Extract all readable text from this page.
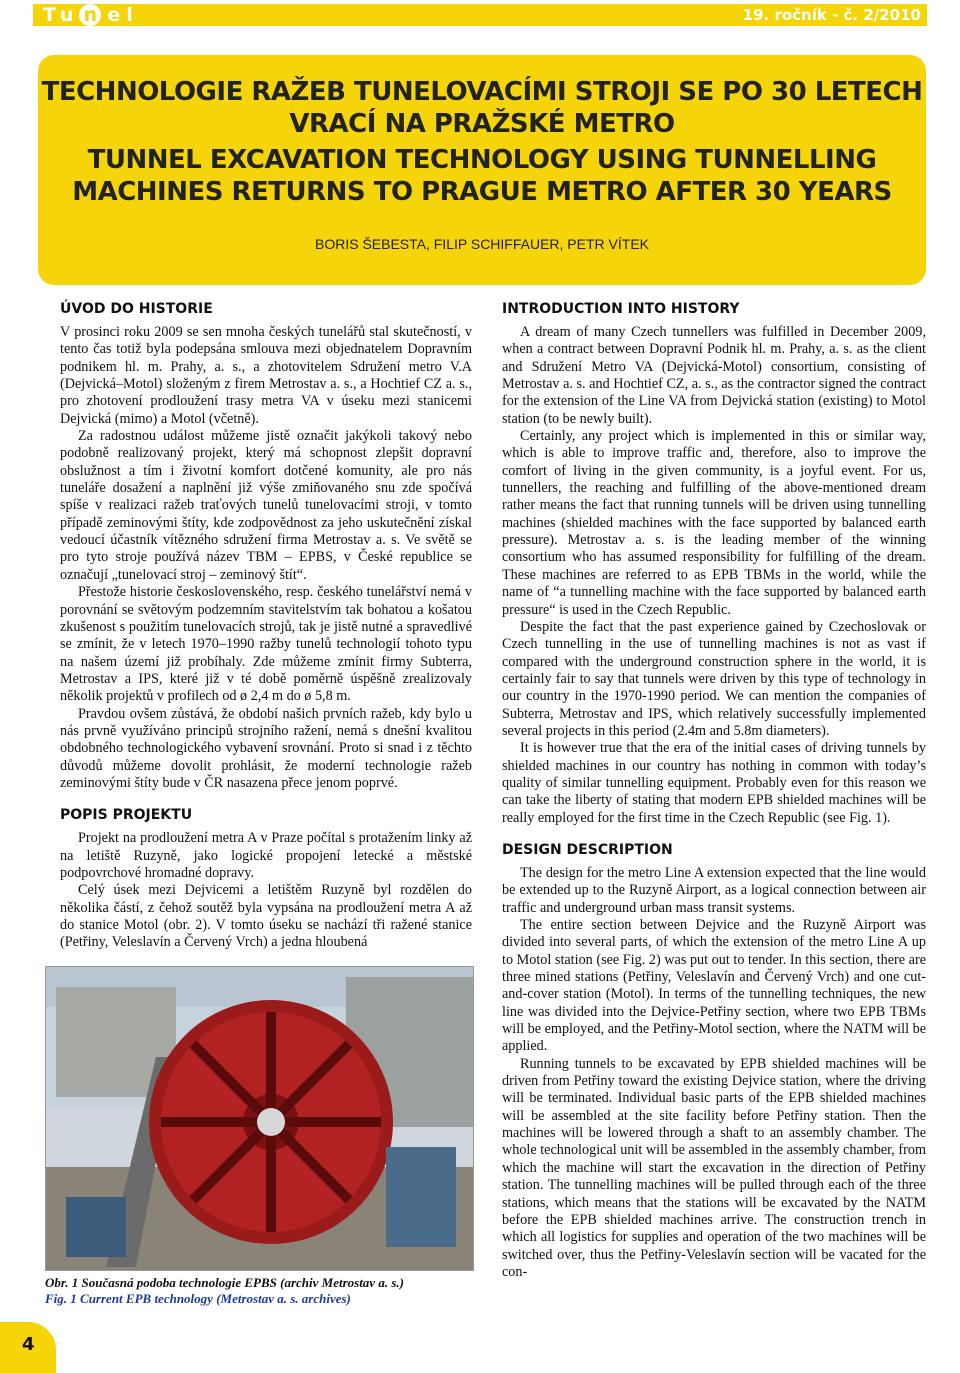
Tu n el	19. ročník - č. 2/2010
TECHNOLOGIE RAŽEB TUNELOVACÍMI STROJI SE PO 30 LETECH
VRACÍ NA PRAŽSKÉ METRO
TUNNEL EXCAVATION TECHNOLOGY USING TUNNELLING
MACHINES RETURNS TO PRAGUE METRO AFTER 30 YEARS
BORIS ŠEBESTA, FILIP SCHIFFAUER, PETR VÍTEK
ÚVOD DO HISTORIE

V prosinci roku 2009 se sen mnoha českých tunelářů stal skutečností, v tento čas totiž byla podepsána smlouva mezi objednatelem Dopravním podnikem hl. m. Prahy, a. s., a zhotovitelem Sdružení metro V.A (Dejvická–Motol) složeným z firem Metrostav a. s., a Hochtief CZ a. s., pro zhotovení prodloužení trasy metra VA v úseku mezi stanicemi Dejvická (mimo) a Motol (včetně).

Za radostnou událost můžeme jistě označit jakýkoli takový nebo podobně realizovaný projekt, který má schopnost zlepšit dopravní obslužnost a tím i životní komfort dotčené komunity, ale pro nás tuneláře dosažení a naplnění již výše zmiňovaného snu zde spočívá spíše v realizaci ražeb traťových tunelů tunelovacími stroji, v tomto případě zeminovými štíty, kde zodpovědnost za jeho uskutečnění získal vedoucí účastník vítězného sdružení firma Metrostav a. s. Ve světě se pro tyto stroje používá název TBM – EPBS, v České republice se označují „tunelovací stroj – zeminový štít“.

Přestože historie československého, resp. českého tunelářství nemá v porovnání se světovým podzemním stavitelstvím tak bohatou a košatou zkušenost s použitím tunelovacích strojů, tak je jistě nutné a spravedlivé se zmínit, že v letech 1970–1990 ražby tunelů technologií tohoto typu na našem území již probíhaly. Zde můžeme zmínit firmy Subterra, Metrostav a IPS, které již v té době poměrně úspěšně zrealizovaly několik projektů v profilech od ø 2,4 m do ø 5,8 m.

Pravdou ovšem zůstává, že období našich prvních ražeb, kdy bylo u nás prvně využíváno principů strojního ražení, nemá s dnešní kvalitou obdobného technologického vybavení srovnání. Proto si snad i z těchto důvodů můžeme dovolit prohlásit, že moderní technologie ražeb zeminovými štíty bude v ČR nasazena přece jenom poprvé.

POPIS PROJEKTU

Projekt na prodloužení metra A v Praze počítal s protažením linky až na letiště Ruzyně, jako logické propojení letecké a městské podpovrchové hromadné dopravy.

Celý úsek mezi Dejvicemi a letištěm Ruzyně byl rozdělen do několika částí, z čehož soutěž byla vypsána na prodloužení metra A až do stanice Motol (obr. 2). V tomto úseku se nachází tři ražené stanice (Petřiny, Veleslavín a Červený Vrch) a jedna hloubená

Obr. 1 Současná podoba technologie EPBS (archiv Metrostav a. s.)
Fig. 1 Current EPB technology (Metrostav a. s. archives)
INTRODUCTION INTO HISTORY

A dream of many Czech tunnellers was fulfilled in December 2009, when a contract between Dopravní Podnik hl. m. Prahy, a. s. as the client and Sdružení Metro VA (Dejvická-Motol) consortium, consisting of Metrostav a. s. and Hochtief CZ, a. s., as the contractor signed the contract for the extension of the Line VA from Dejvická station (existing) to Motol station (to be newly built).

Certainly, any project which is implemented in this or similar way, which is able to improve traffic and, therefore, also to improve the comfort of living in the given community, is a joyful event. For us, tunnellers, the reaching and fulfilling of the above-mentioned dream rather means the fact that running tunnels will be driven using tunnelling machines (shielded machines with the face supported by balanced earth pressure). Metrostav a. s. is the leading member of the winning consortium who has assumed responsibility for fulfilling of the dream. These machines are referred to as EPB TBMs in the world, while the name of “a tunnelling machine with the face supported by balanced earth pressure“ is used in the Czech Republic.

Despite the fact that the past experience gained by Czechoslovak or Czech tunnelling in the use of tunnelling machines is not as vast if compared with the underground construction sphere in the world, it is certainly fair to say that tunnels were driven by this type of technology in our country in the 1970-1990 period. We can mention the companies of Subterra, Metrostav and IPS, which relatively successfully implemented several projects in this period (2.4m and 5.8m diameters).

It is however true that the era of the initial cases of driving tunnels by shielded machines in our country has nothing in common with today’s quality of similar tunnelling equipment. Probably even for this reason we can take the liberty of stating that modern EPB shielded machines will be really employed for the first time in the Czech Republic (see Fig. 1).

DESIGN DESCRIPTION

The design for the metro Line A extension expected that the line would be extended up to the Ruzyně Airport, as a logical connection between air traffic and underground urban mass transit systems.

The entire section between Dejvice and the Ruzyně Airport was divided into several parts, of which the extension of the metro Line A up to Motol station (see Fig. 2) was put out to tender. In this section, there are three mined stations (Petřiny, Veleslavín and Červený Vrch) and one cut-and-cover station (Motol). In terms of the tunnelling techniques, the new line was divided into the Dejvice-Petřiny section, where two EPB TBMs will be employed, and the Petřiny-Motol section, where the NATM will be applied.

Running tunnels to be excavated by EPB shielded machines will be driven from Petřiny toward the existing Dejvice station, where the driving will be terminated. Individual basic parts of the EPB shielded machines will be assembled at the site facility before Petřiny station. Then the machines will be lowered through a shaft to an assembly chamber. The whole technological unit will be assembled in the assembly chamber, from which the machine will start the excavation in the direction of Petřiny station. The tunnelling machines will be pulled through each of the three stations, which means that the stations will be excavated by the NATM before the EPB shielded machines arrive. The construction trench in which all logistics for supplies and operation of the two machines will be switched over, thus the Petřiny-Veleslavín section will be vacated for the con-

4
